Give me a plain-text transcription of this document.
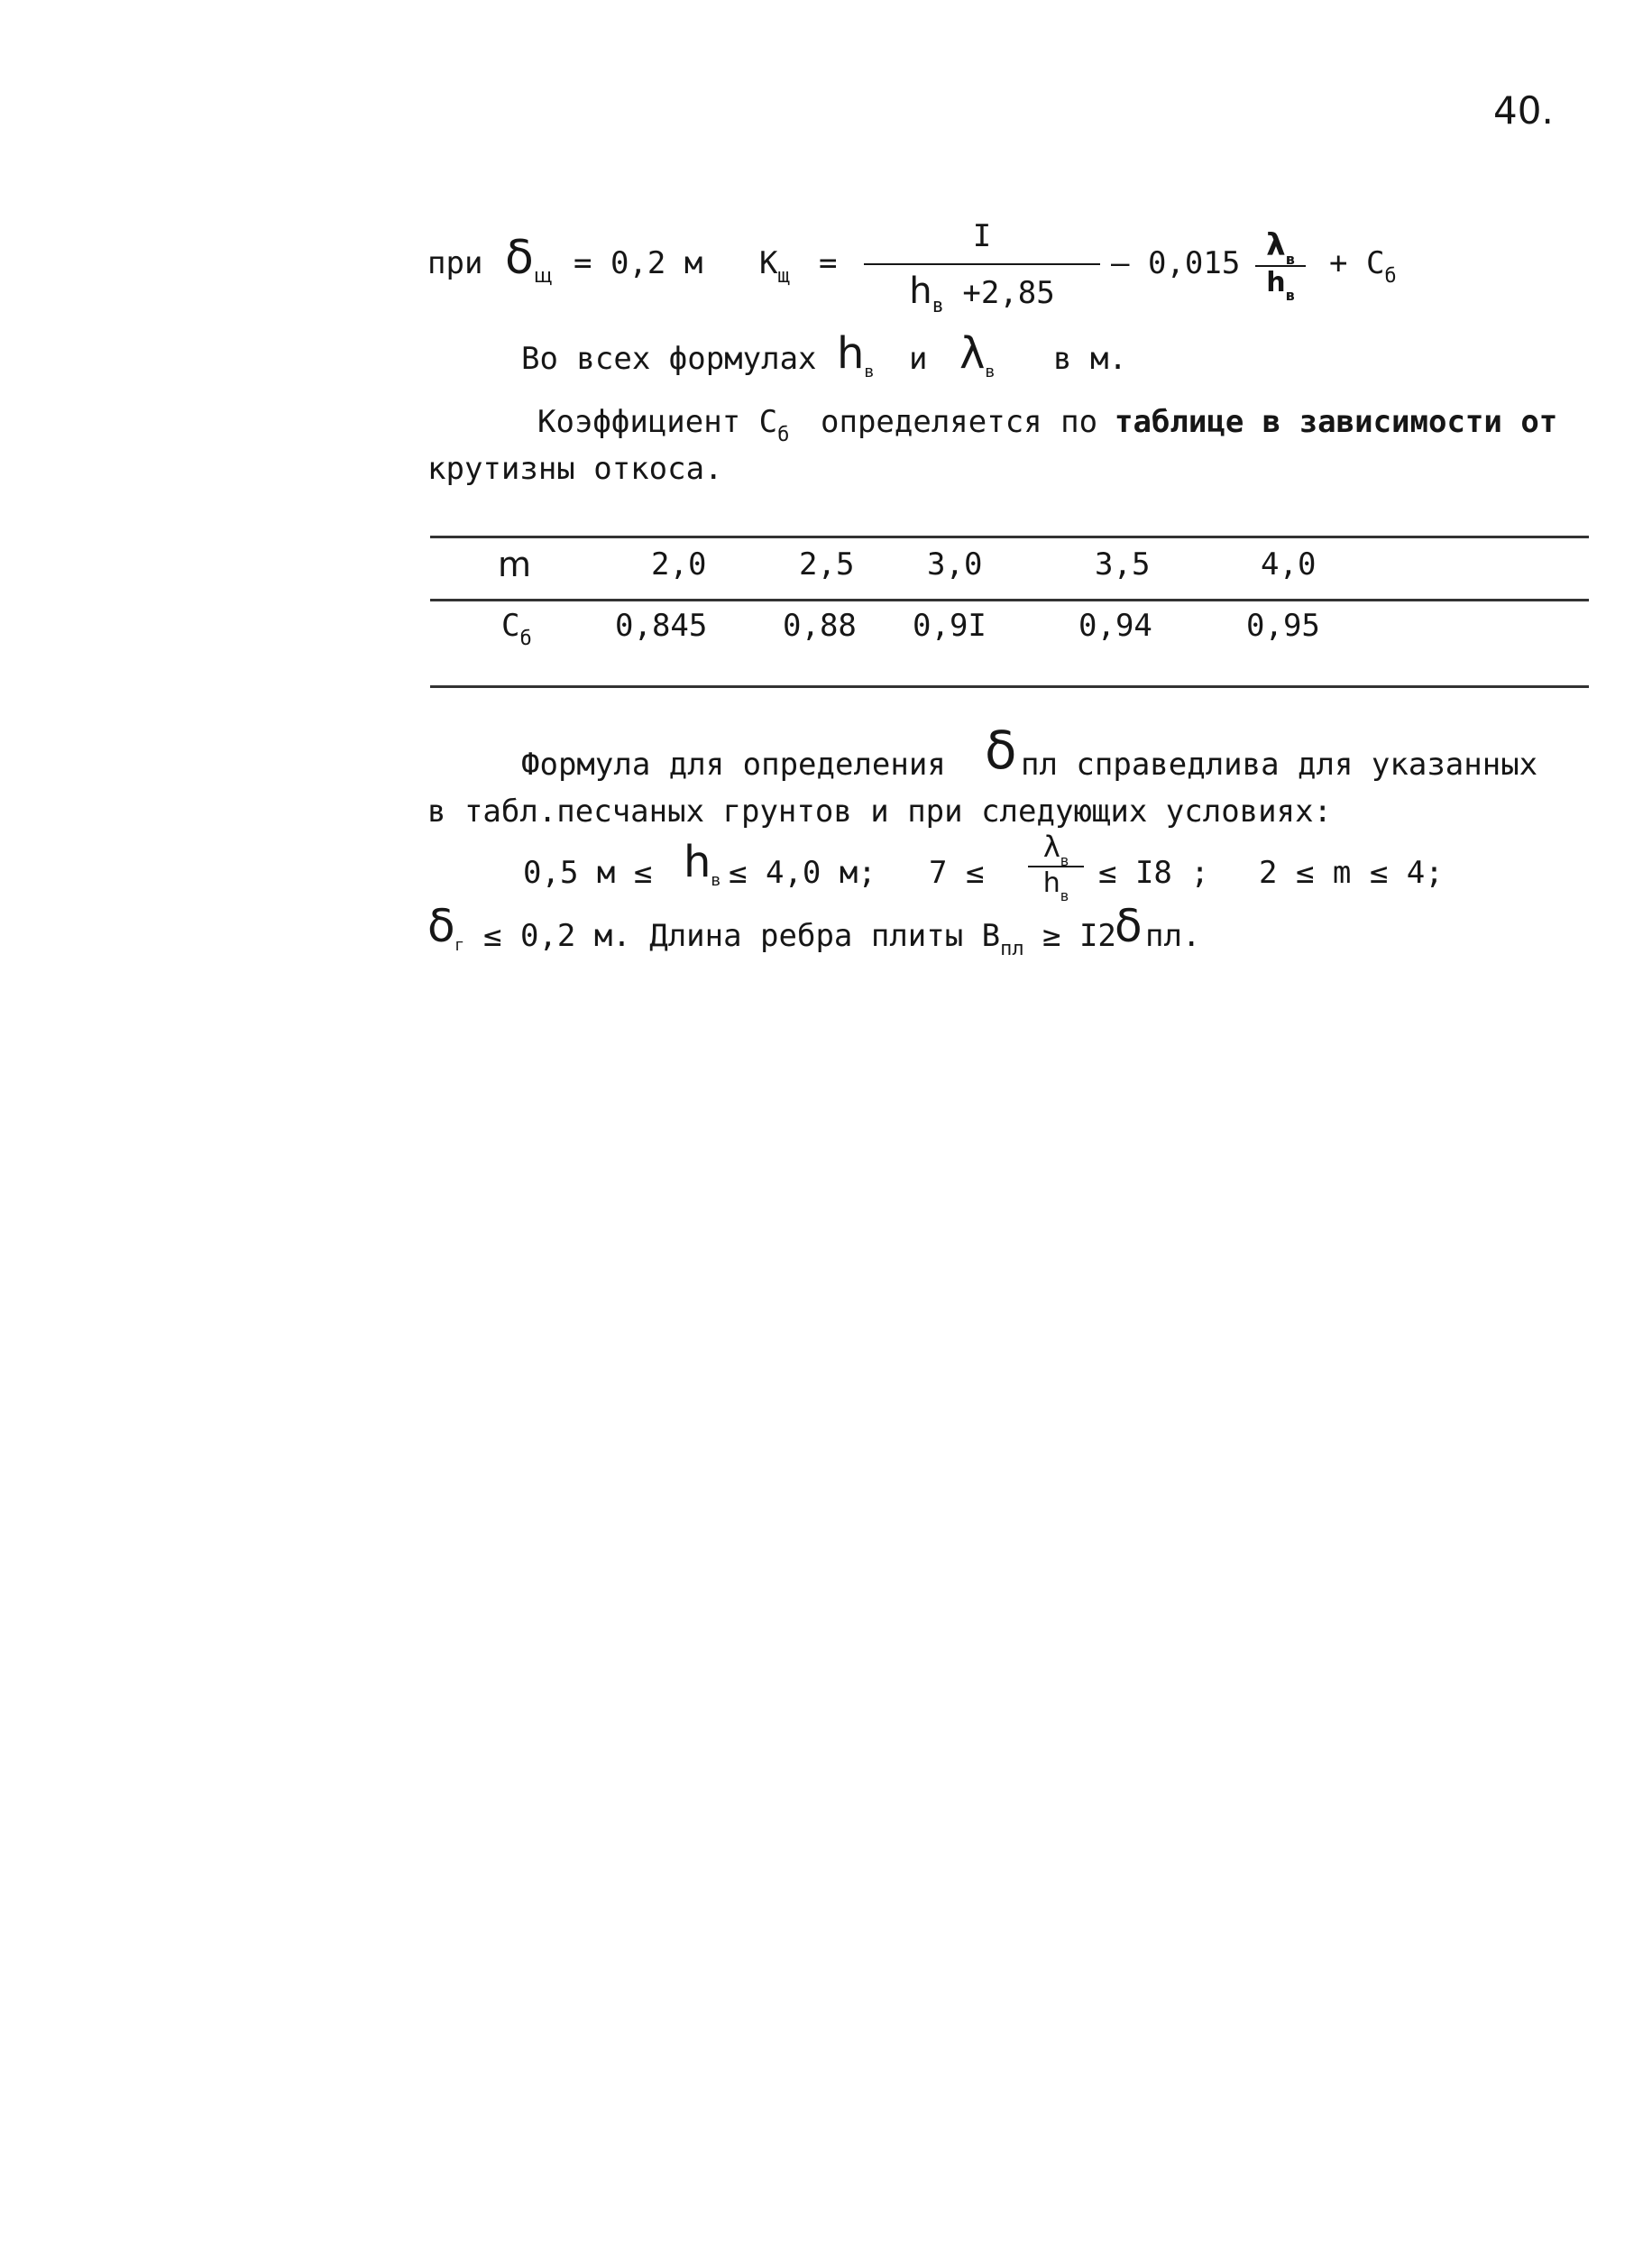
40.
при δщ = 0,2 м $К_щ$ =
I
$h_в +2,85$
– 0,015 $\lambda_в$
$h_в$
+ $C_б$
Во всех формулах $h_в$ и $\lambda_в$ в м.
Коэффициент $С_б$ определяется по таблице в зависимости от
крутизны откоса.
m	2,0	2,5 3,0	3,5	4,0
$С_б$	0,845 0,88 0,9I	0,94	0,95
Формула для определения δ пл справедлива для указанных
в табл.песчаных грунтов и при следующих условиях:
0,5 $м \le h_в \le 4,0$ м; 7 ≤
$\lambda_в$
$h_в$
≤ I8 ; 2 ≤ m ≤ 4;
$\delta_г \le 0,2$ м. Длина ребра плиты $В_{пл} \ge I2$
δ пл.
